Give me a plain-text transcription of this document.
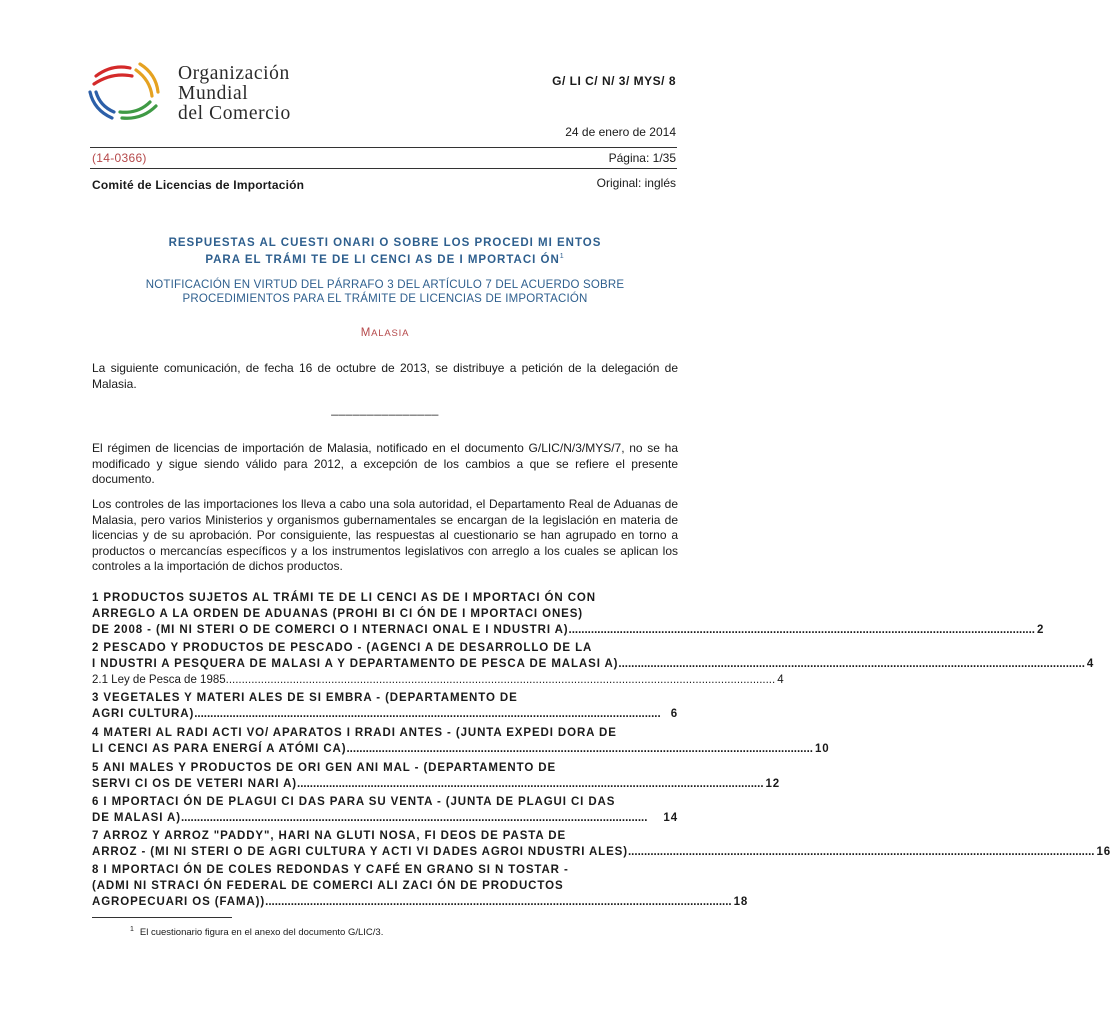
Organización
Mundial
del Comercio
G/ LI C/ N/ 3/ MYS/ 8
24 de enero de 2014
(14-0366)	Página: 1/35
Comité de Licencias de Importación	Original: inglés
RESPUESTAS AL CUESTI ONARI O SOBRE LOS PROCEDI MI ENTOS
PARA EL TRÁMI TE DE LI CENCI AS DE I MPORTACI $ÓN^1$
NOTIFICACIÓN EN VIRTUD DEL PÁRRAFO 3 DEL ARTÍCULO 7 DEL ACUERDO SOBRE
PROCEDIMIENTOS PARA EL TRÁMITE DE LICENCIAS DE IMPORTACIÓN
MALASIA
La siguiente comunicación, de fecha 16 de octubre de 2013, se distribuye a petición de la delegación de Malasia.
_______________
El régimen de licencias de importación de Malasia, notificado en el documento G/LIC/N/3/MYS/7, no se ha modificado y sigue siendo válido para 2012, a excepción de los cambios a que se refiere el presente documento.
Los controles de las importaciones los lleva a cabo una sola autoridad, el Departamento Real de Aduanas de Malasia, pero varios Ministerios y organismos gubernamentales se encargan de la legislación en materia de licencias y de su aprobación. Por consiguiente, las respuestas al cuestionario se han agrupado en torno a productos o mercancías específicos y a los instrumentos legislativos con arreglo a los cuales se aplican los controles a la importación de dichos productos.
1 PRODUCTOS SUJETOS AL TRÁMI TE DE LI CENCI AS DE I MPORTACI ÓN CON
ARREGLO A LA ORDEN DE ADUANAS (PROHI BI CI ÓN DE I MPORTACI ONES)
DE 2008 - (MI NI STERI O DE COMERCI O I NTERNACI ONAL E I NDUSTRI A) .................................................................................................................................................. 2
2 PESCADO Y PRODUCTOS DE PESCADO - (AGENCI A DE DESARROLLO DE LA
I NDUSTRI A PESQUERA DE MALASI A Y DEPARTAMENTO DE PESCA DE MALASI A) .................................................................................................................................................. 4
2.1 Ley de Pesca de 1985 ............................................................................................................................................................................ 4
3 VEGETALES Y MATERI ALES DE SI EMBRA - (DEPARTAMENTO DE
AGRI CULTURA) .................................................................................................................................................. 6
4 MATERI AL RADI ACTI VO/ APARATOS I RRADI ANTES - (JUNTA EXPEDI DORA DE
LI CENCI AS PARA ENERGÍ A ATÓMI CA) .................................................................................................................................................. 10
5 ANI MALES Y PRODUCTOS DE ORI GEN ANI MAL - (DEPARTAMENTO DE
SERVI CI OS DE VETERI NARI A) .................................................................................................................................................. 12
6 I MPORTACI ÓN DE PLAGUI CI DAS PARA SU VENTA - (JUNTA DE PLAGUI CI DAS
DE MALASI A) ..................................................................................................................................................	14
7 ARROZ Y ARROZ "PADDY", HARI NA GLUTI NOSA, FI DEOS DE PASTA DE
ARROZ - (MI NI STERI O DE AGRI CULTURA Y ACTI VI DADES AGROI NDUSTRI ALES) .................................................................................................................................................. 16
8 I MPORTACI ÓN DE COLES REDONDAS Y CAFÉ EN GRANO SI N TOSTAR -
(ADMI NI STRACI ÓN FEDERAL DE COMERCI ALI ZACI ÓN DE PRODUCTOS
AGROPECUARI OS (FAMA)) .................................................................................................................................................. 18
$^1$ El cuestionario figura en el anexo del documento G/LIC/3.
